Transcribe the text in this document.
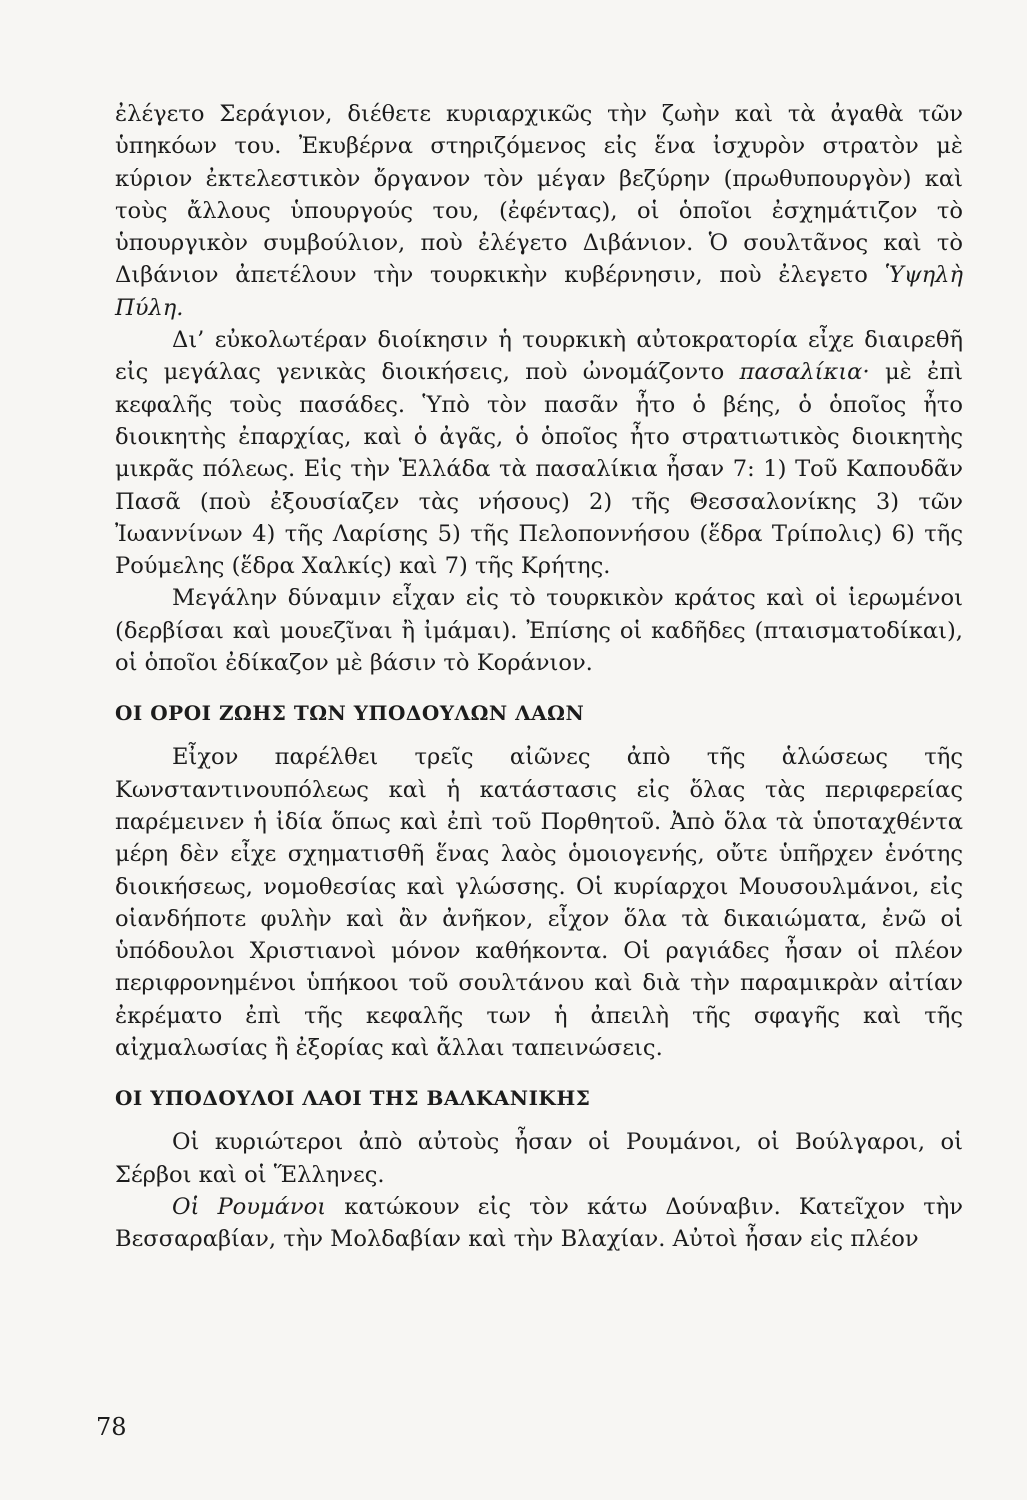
ἐλέγετο Σεράγιον, διέθετε κυριαρχικῶς τὴν ζωὴν καὶ τὰ ἀγαθὰ τῶν ὑπηκόων του. Ἐκυβέρνα στηριζόμενος εἰς ἕνα ἰσχυρὸν στρατὸν μὲ κύριον ἐκτελεστικὸν ὄργανον τὸν μέγαν βεζύρην (πρωθυπουργὸν) καὶ τοὺς ἄλλους ὑπουργούς του, (ἐφέντας), οἱ ὁποῖοι ἐσχημάτιζον τὸ ὑπουργικὸν συμβούλιον, ποὺ ἐλέγετο Διβάνιον. Ὁ σουλτᾶνος καὶ τὸ Διβάνιον ἀπετέλουν τὴν τουρκικὴν κυβέρνησιν, ποὺ ἐλεγετο Ὑψηλὴ Πύλη.

Δι’ εὐκολωτέραν διοίκησιν ἡ τουρκικὴ αὐτοκρατορία εἶχε διαιρεθῆ εἰς μεγάλας γενικὰς διοικήσεις, ποὺ ὠνομάζοντο πασαλίκια· μὲ ἐπὶ κεφαλῆς τοὺς πασάδες. Ὑπὸ τὸν πασᾶν ἦτο ὁ βέης, ὁ ὁποῖος ἦτο διοικητὴς ἐπαρχίας, καὶ ὁ ἀγᾶς, ὁ ὁποῖος ἦτο στρατιωτικὸς διοικητὴς μικρᾶς πόλεως. Εἰς τὴν Ἑλλάδα τὰ πασαλίκια ἦσαν 7: 1) Τοῦ Καπουδᾶν Πασᾶ (ποὺ ἐξουσίαζεν τὰς νήσους) 2) τῆς Θεσσαλονίκης 3) τῶν Ἰωαννίνων 4) τῆς Λαρίσης 5) τῆς Πελοποννήσου (ἕδρα Τρίπολις) 6) τῆς Ρούμελης (ἕδρα Χαλκίς) καὶ 7) τῆς Κρήτης.

Μεγάλην δύναμιν εἶχαν εἰς τὸ τουρκικὸν κράτος καὶ οἱ ἱερωμένοι (δερβίσαι καὶ μουεζῖναι ἢ ἰμάμαι). Ἐπίσης οἱ καδῆδες (πταισματοδίκαι), οἱ ὁποῖοι ἐδίκαζον μὲ βάσιν τὸ Κοράνιον.

ΟΙ ΟΡΟΙ ΖΩΗΣ ΤΩΝ ΥΠΟΔΟΥΛΩΝ ΛΑΩΝ

Εἶχον παρέλθει τρεῖς αἰῶνες ἀπὸ τῆς ἁλώσεως τῆς Κωνσταντινουπόλεως καὶ ἡ κατάστασις εἰς ὅλας τὰς περιφερείας παρέμεινεν ἡ ἰδία ὅπως καὶ ἐπὶ τοῦ Πορθητοῦ. Ἀπὸ ὅλα τὰ ὑποταχθέντα μέρη δὲν εἶχε σχηματισθῆ ἕνας λαὸς ὁμοιογενής, οὔτε ὑπῆρχεν ἑνότης διοικήσεως, νομοθεσίας καὶ γλώσσης. Οἱ κυρίαρχοι Μουσουλμάνοι, εἰς οἱανδήποτε φυλὴν καὶ ἂν ἀνῆκον, εἶχον ὅλα τὰ δικαιώματα, ἐνῶ οἱ ὑπόδουλοι Χριστιανοὶ μόνον καθήκοντα. Οἱ ραγιάδες ἦσαν οἱ πλέον περιφρονημένοι ὑπήκοοι τοῦ σουλτάνου καὶ διὰ τὴν παραμικρὰν αἰτίαν ἐκρέματο ἐπὶ τῆς κεφαλῆς των ἡ ἀπειλὴ τῆς σφαγῆς καὶ τῆς αἰχμαλωσίας ἢ ἐξορίας καὶ ἄλλαι ταπεινώσεις.

ΟΙ ΥΠΟΔΟΥΛΟΙ ΛΑΟΙ ΤΗΣ ΒΑΛΚΑΝΙΚΗΣ

Οἱ κυριώτεροι ἀπὸ αὐτοὺς ἦσαν οἱ Ρουμάνοι, οἱ Βούλγαροι, οἱ Σέρβοι καὶ οἱ Ἕλληνες.

Οἱ Ρουμάνοι κατώκουν εἰς τὸν κάτω Δούναβιν. Κατεῖχον τὴν Βεσσαραβίαν, τὴν Μολδαβίαν καὶ τὴν Βλαχίαν. Αὐτοὶ ἦσαν εἰς πλέον

78
